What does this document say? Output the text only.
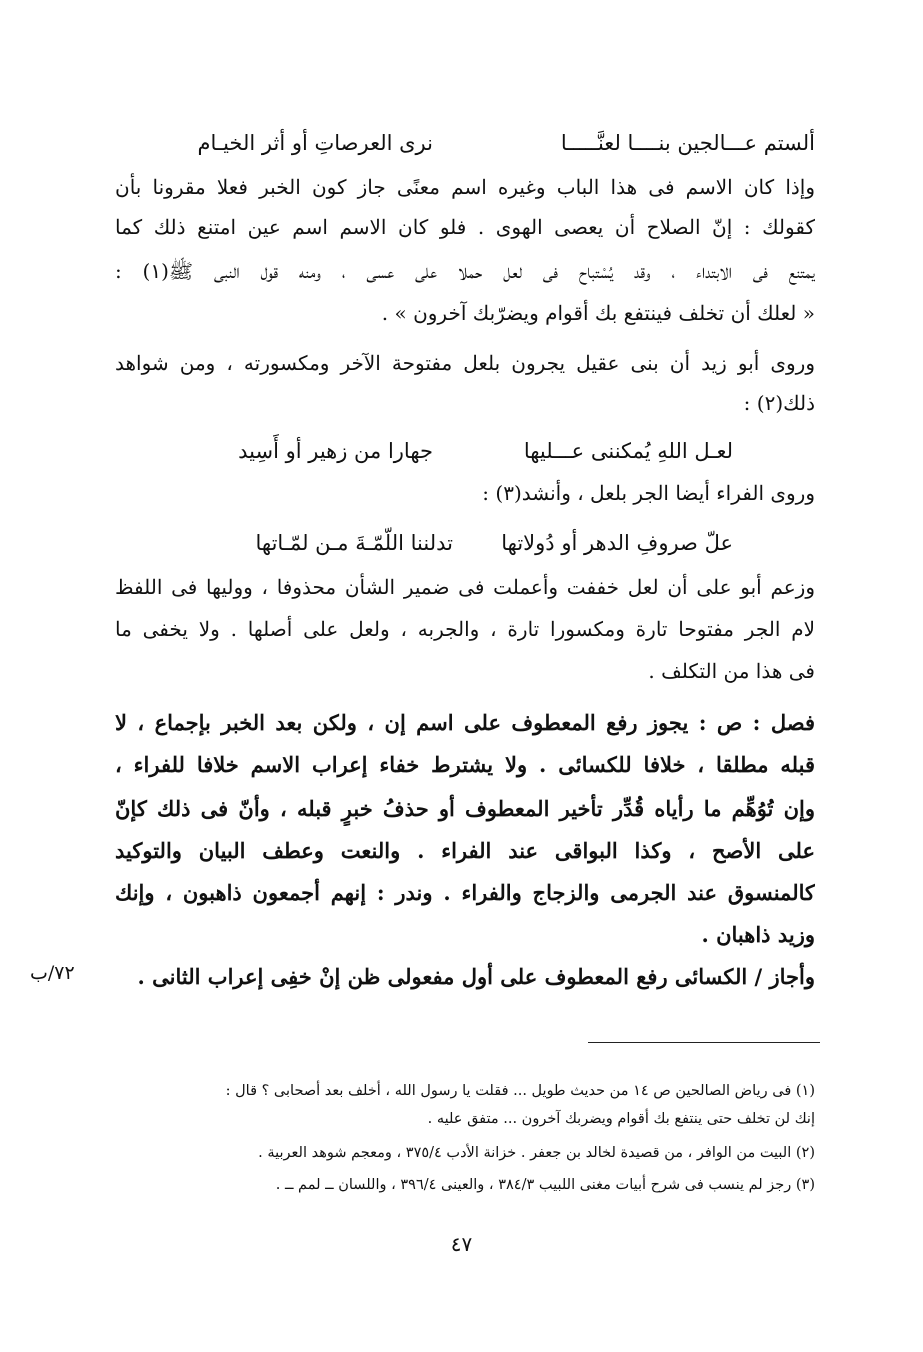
ألستم عـــالجين بنــــا لعنَّـــــا
نرى العرصاتِ أو أثر الخيـام
وإذا كان الاسم فى هذا الباب وغيره اسم معنًى جاز كون الخبر فعلا مقرونا بأن
كقولك : إنّ الصلاح أن يعصى الهوى . فلو كان الاسم اسم عين امتنع ذلك كما
يمتنع فى الابتداء ، وقد يُسْتباح فى لعل حملا على عسى ، ومنه قول النبى ﷺ(١) :
« لعلك أن تخلف فينتفع بك أقوام ويضرّبك آخرون » .
وروى أبو زيد أن بنى عقيل يجرون بلعل مفتوحة الآخر ومكسورته ، ومن شواهد
ذلك(٢) :
لعـل اللهِ يُمكننى عـــليها
جهارا من زهير أو أَسِيد
وروى الفراء أيضا الجر بلعل ، وأنشد(٣) :
علّ صروفِ الدهر أو دُولاتها
تدلننا اللّمّـةَ مـن لمّـاتها
وزعم أبو على أن لعل خففت وأعملت فى ضمير الشأن محذوفا ، ووليها فى اللفظ
لام الجر مفتوحا تارة ومكسورا تارة ، والجربه ، ولعل على أصلها . ولا يخفى ما
فى هذا من التكلف .
فصل : ص : يجوز رفع المعطوف على اسم إن ، ولكن بعد الخبر بإجماع ، لا
قبله مطلقا ، خلافا للكسائى . ولا يشترط خفاء إعراب الاسم خلافا للفراء ،
وإن تُوُهِّم ما رأياه قُدِّر تأخير المعطوف أو حذفُ خبرٍ قبله ، وأنّ فى ذلك كإنّ
على الأصح ، وكذا البواقى عند الفراء . والنعت وعطف البيان والتوكيد
كالمنسوق عند الجرمى والزجاج والفراء . وندر : إنهم أجمعون ذاهبون ، وإنك
وزيد ذاهبان .
وأجاز / الكسائى رفع المعطوف على أول مفعولى ظن إنْ خفِى إعراب الثانى .
٧٢/ب
(١) فى رياض الصالحين ص ١٤ من حديث طويل ... فقلت يا رسول الله ، أخلف بعد أصحابى ؟ قال :
إنك لن تخلف حتى ينتفع بك أقوام ويضربك آخرون ... متفق عليه .
(٢) البيت من الوافر ، من قصيدة لخالد بن جعفر . خزانة الأدب ٣٧٥/٤ ، ومعجم شوهد العربية .
(٣) رجز لم ينسب فى شرح أبيات مغنى اللبيب ٣٨٤/٣ ، والعينى ٣٩٦/٤ ، واللسان ــ لمم ــ .
٤٧
